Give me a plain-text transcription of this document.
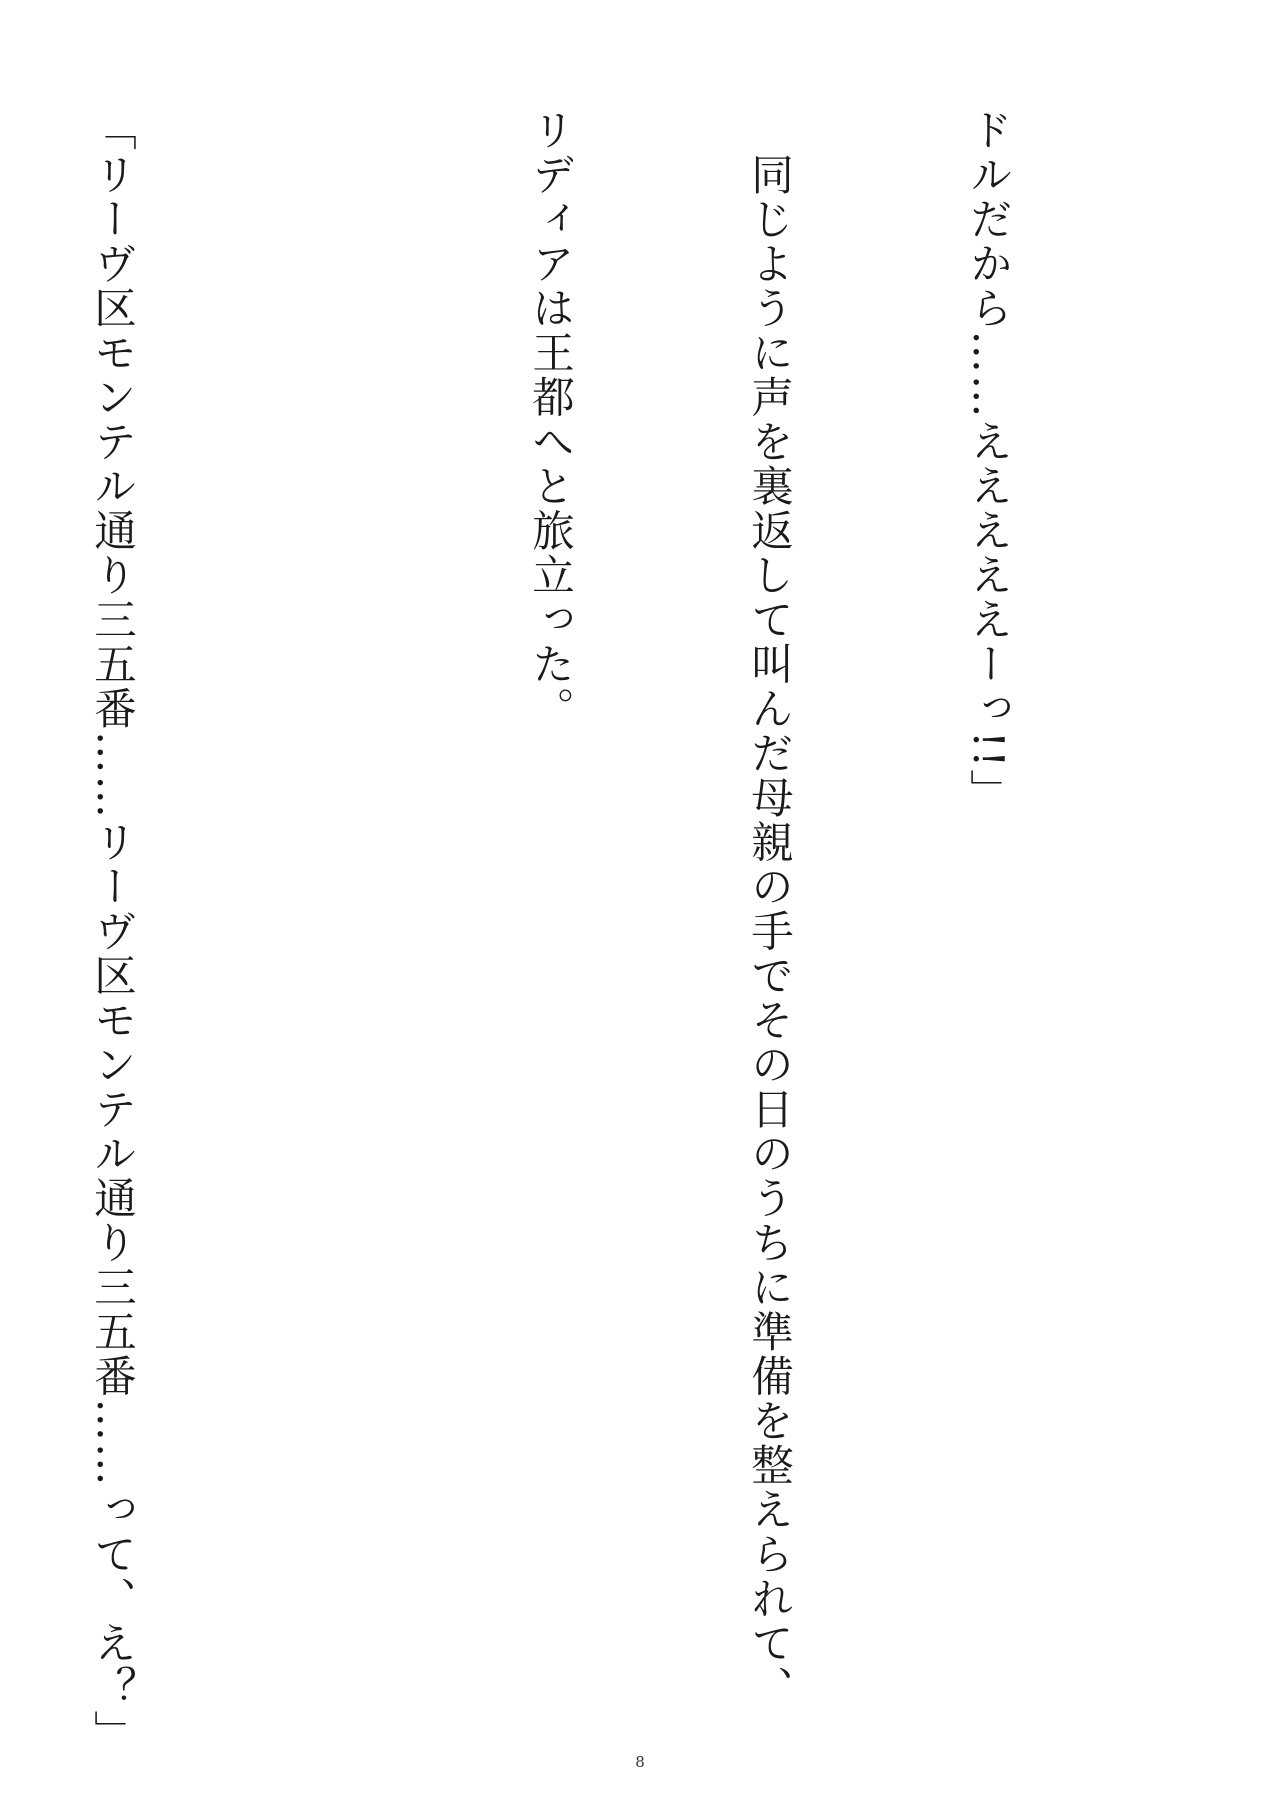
ドルだから……えええええーっ!!」

　同じように声を裏返して叫んだ母親の手でその日のうちに準備を整えられて、

リディアは王都へと旅立った。

「リーヴ区モンテル通り三五番……リーヴ区モンテル通り三五番……って、え？」

8
